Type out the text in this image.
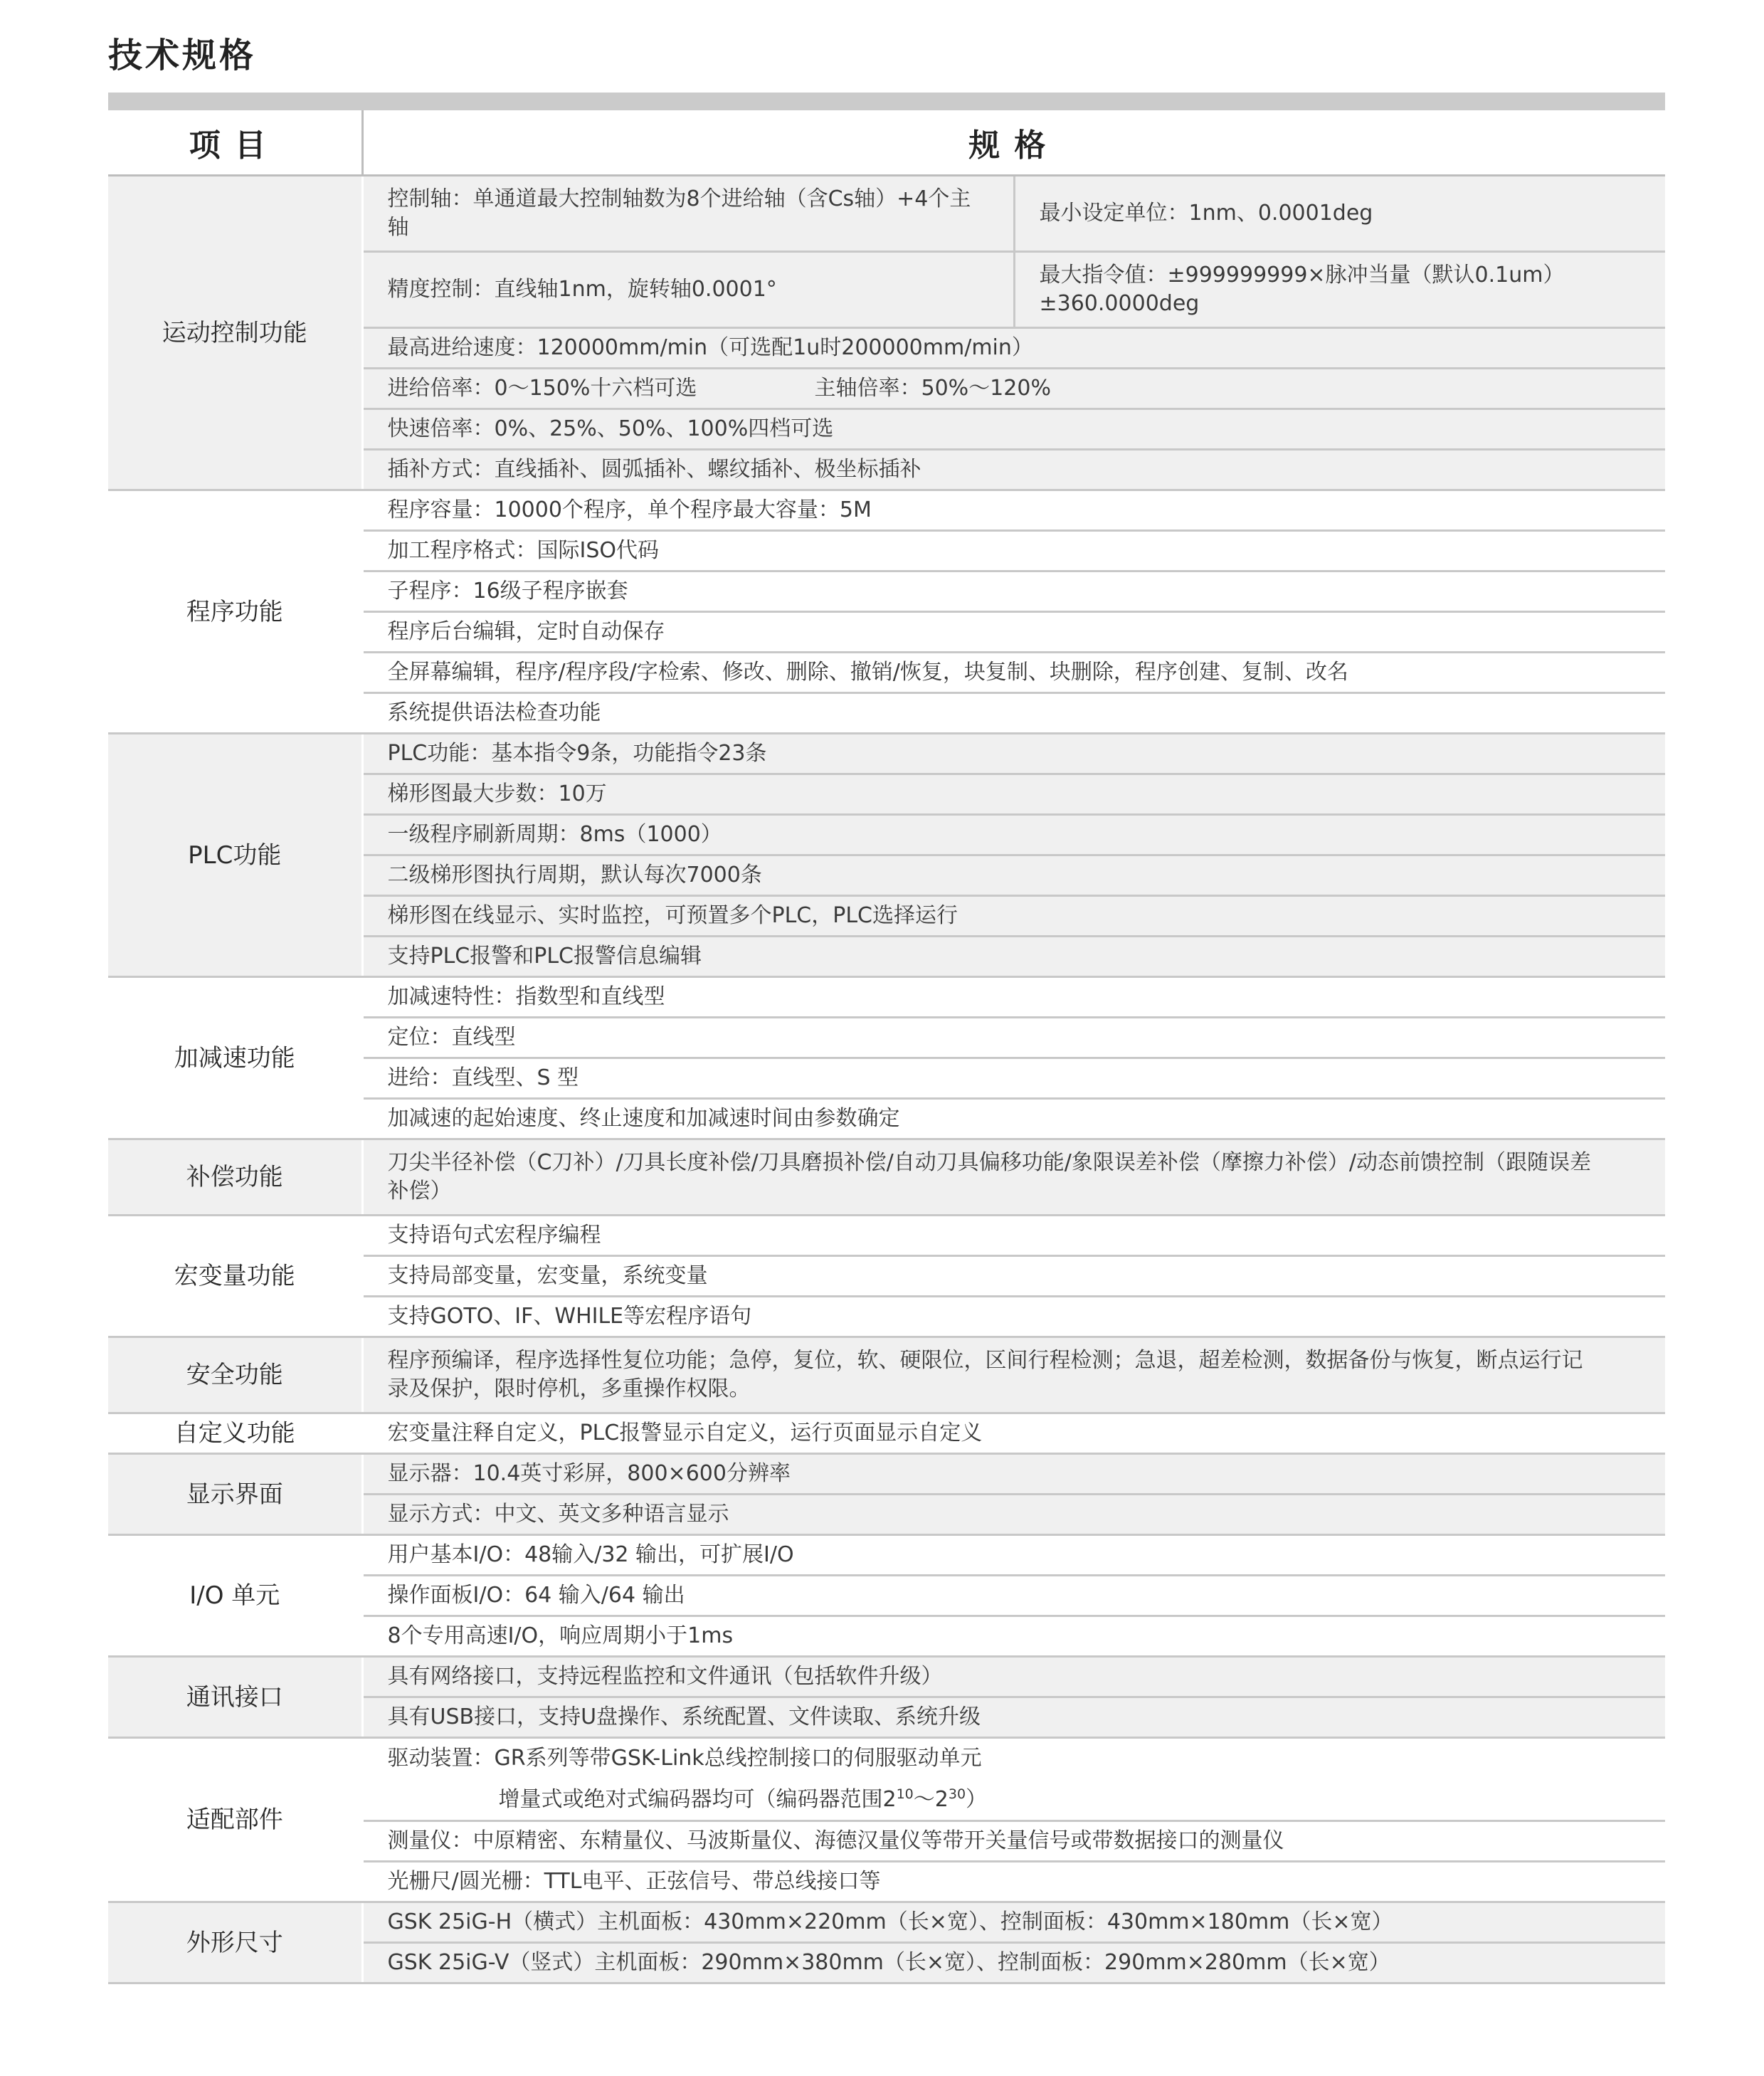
技术规格
项目	规格	
运动控制功能	控制轴：单通道最大控制轴数为8个进给轴（含Cs轴）+4个主轴	最小设定单位：1nm、0.0001deg
	精度控制：直线轴1nm，旋转轴0.0001°	最大指令值：±999999999×脉冲当量（默认0.1um）
±360.0000deg

	最高进给速度：120000mm/min（可选配1u时200000mm/min）	
	进给倍率：0～150%十六档可选 主轴倍率：50%～120%	
	快速倍率：0%、25%、50%、100%四档可选	
	插补方式：直线插补、圆弧插补、螺纹插补、极坐标插补	
程序功能	程序容量：10000个程序，单个程序最大容量：5M	
	加工程序格式：国际ISO代码	
	子程序：16级子程序嵌套	
	程序后台编辑，定时自动保存	
	全屏幕编辑，程序/程序段/字检索、修改、删除、撤销/恢复，块复制、块删除，程序创建、复制、改名	
	系统提供语法检查功能	
PLC功能	PLC功能：基本指令9条，功能指令23条	
	梯形图最大步数：10万	
	一级程序刷新周期：8ms（1000）	
	二级梯形图执行周期，默认每次7000条	
	梯形图在线显示、实时监控，可预置多个PLC，PLC选择运行	
	支持PLC报警和PLC报警信息编辑	
加减速功能	加减速特性：指数型和直线型	
	定位：直线型	
	进给：直线型、S 型	
	加减速的起始速度、终止速度和加减速时间由参数确定	
补偿功能	刀尖半径补偿（C刀补）/刀具长度补偿/刀具磨损补偿/自动刀具偏移功能/象限误差补偿（摩擦力补偿）/动态前馈控制（跟随误差
补偿）	

宏变量功能	支持语句式宏程序编程	
	支持局部变量，宏变量，系统变量	
	支持GOTO、IF、WHILE等宏程序语句	
安全功能	程序预编译，程序选择性复位功能；急停，复位，软、硬限位，区间行程检测；急退，超差检测，数据备份与恢复，断点运行记
录及保护，限时停机，多重操作权限。	

自定义功能	宏变量注释自定义，PLC报警显示自定义，运行页面显示自定义	
显示界面	显示器：10.4英寸彩屏，800×600分辨率	
	显示方式：中文、英文多种语言显示	
I/O 单元	用户基本I/O：48输入/32 输出，可扩展I/O	
	操作面板I/O：64 输入/64 输出	
	8个专用高速I/O，响应周期小于1ms	
通讯接口	具有网络接口，支持远程监控和文件通讯（包括软件升级）	
	具有USB接口，支持U盘操作、系统配置、文件读取、系统升级	
适配部件	驱动装置：GR系列等带GSK-Link总线控制接口的伺服驱动单元
增量式或绝对式编码器均可（编码器范围$2^{10}\sim 2^{30}$）	

	测量仪：中原精密、东精量仪、马波斯量仪、海德汉量仪等带开关量信号或带数据接口的测量仪	
	光栅尺/圆光栅：TTL电平、正弦信号、带总线接口等	
外形尺寸	GSK 25iG-H（横式）主机面板：430mm×220mm（长×宽）、控制面板：430mm×180mm（长×宽）	
	GSK 25iG-V（竖式）主机面板：290mm×380mm（长×宽）、控制面板：290mm×280mm（长×宽）	
